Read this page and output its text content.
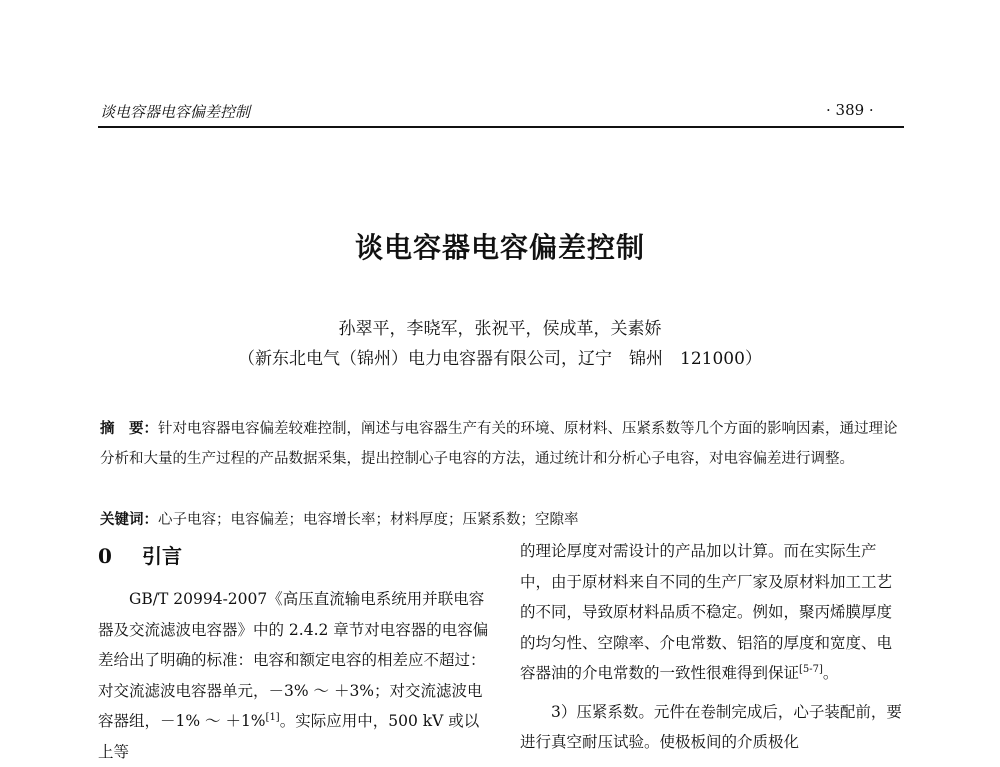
谈电容器电容偏差控制	· 389 ·
谈电容器电容偏差控制
孙翠平，李晓军，张祝平，侯成革，关素娇
（新东北电气（锦州）电力电容器有限公司，辽宁　锦州　121000）
摘　要：针对电容器电容偏差较难控制，阐述与电容器生产有关的环境、原材料、压紧系数等几个方面的影响因素，通过理论分析和大量的生产过程的产品数据采集，提出控制心子电容的方法，通过统计和分析心子电容，对电容偏差进行调整。
关键词：心子电容；电容偏差；电容增长率；材料厚度；压紧系数；空隙率
0 引言

GB/T 20994-2007《高压直流输电系统用并联电容器及交流滤波电容器》中的 2.4.2 章节对电容器的电容偏差给出了明确的标准：电容和额定电容的相差应不超过：对交流滤波电容器单元，－3% ～ ＋3%；对交流滤波电容器组，－1% ～ ＋1%[1]。实际应用中，500 kV 或以上等

的理论厚度对需设计的产品加以计算。而在实际生产中，由于原材料来自不同的生产厂家及原材料加工工艺的不同，导致原材料品质不稳定。例如，聚丙烯膜厚度的均匀性、空隙率、介电常数、铝箔的厚度和宽度、电容器油的介电常数的一致性很难得到保证[5-7]。

3）压紧系数。元件在卷制完成后，心子装配前，要进行真空耐压试验。使极板间的介质极化
